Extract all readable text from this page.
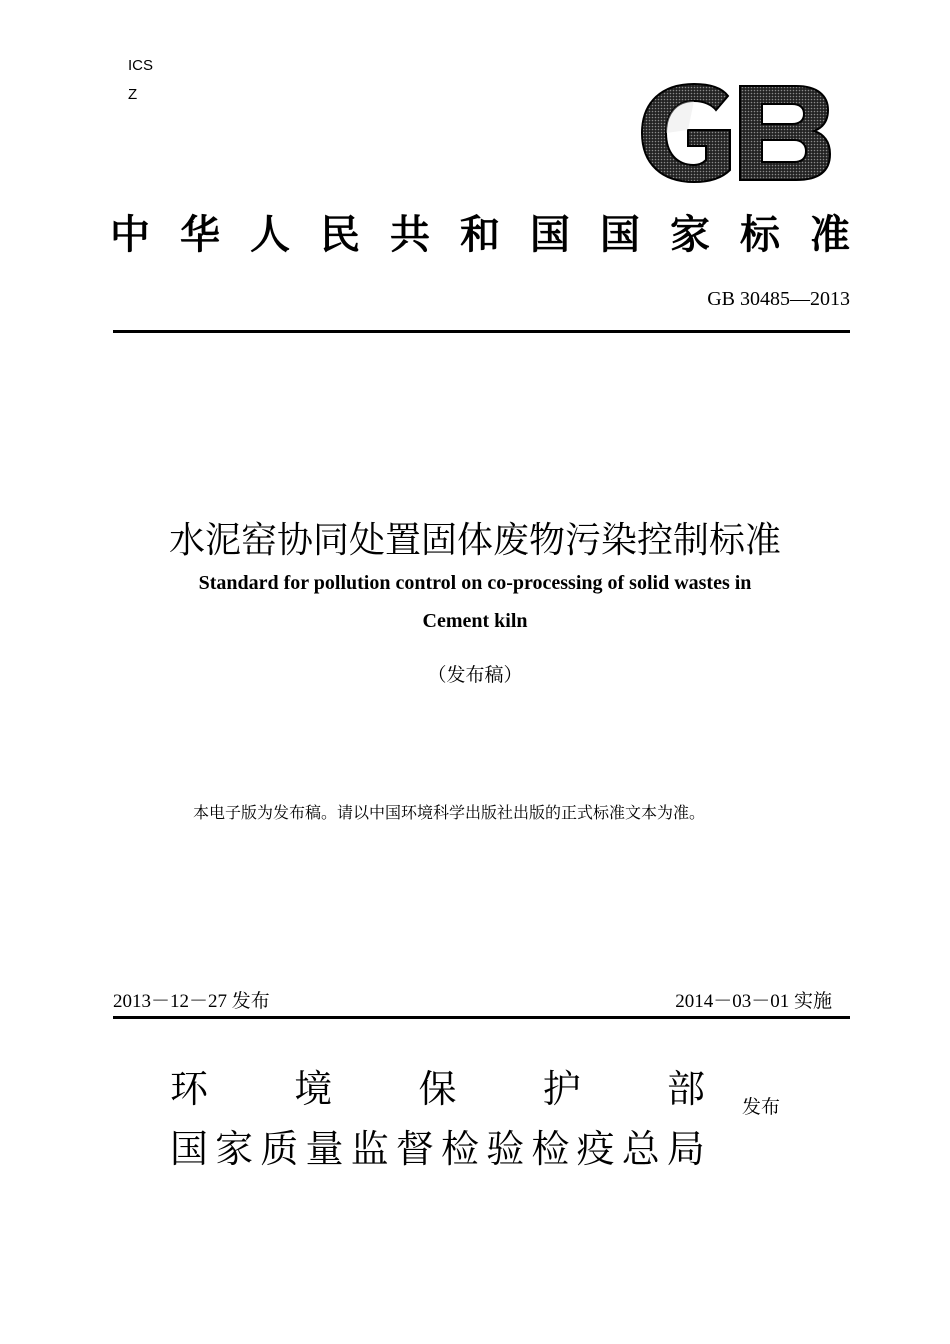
ICS
Z
中 华 人 民 共 和 国 国 家 标 准
GB 30485—2013
水泥窑协同处置固体废物污染控制标准
Standard for pollution control on co-processing of solid wastes in
Cement kiln
（发布稿）
本电子版为发布稿。请以中国环境科学出版社出版的正式标准文本为准。
2013－12－27 发布	2014－03－01 实施
环 境 保 护 部
国 家 质 量 监 督 检 验 检 疫 总 局
发布
